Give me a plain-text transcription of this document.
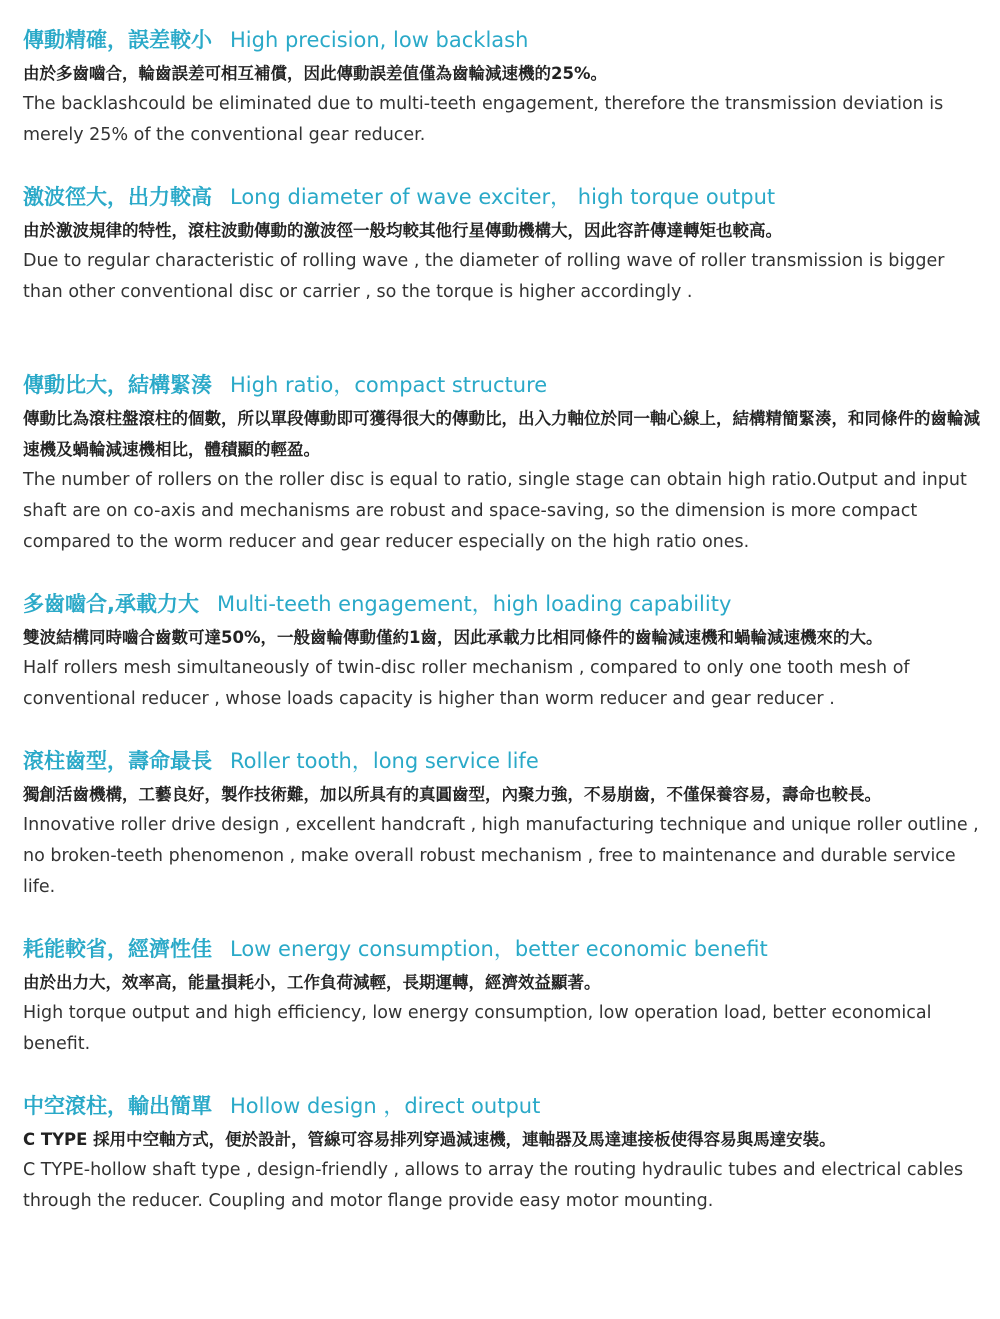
傳動精確，誤差較小 High precision, low backlash

由於多齒嚙合，輪齒誤差可相互補償，因此傳動誤差值僅為齒輪減速機的25%。

The backlashcould be eliminated due to multi-teeth engagement, therefore the transmission deviation is merely 25% of the conventional gear reducer.

激波徑大，出力較高 Long diameter of wave exciter， high torque output

由於激波規律的特性，滾柱波動傳動的激波徑一般均較其他行星傳動機構大，因此容許傳達轉矩也較高。

Due to regular characteristic of rolling wave , the diameter of rolling wave of roller transmission is bigger than other conventional disc or carrier , so the torque is higher accordingly .

傳動比大，結構緊湊 High ratio，compact structure

傳動比為滾柱盤滾柱的個數，所以單段傳動即可獲得很大的傳動比，出入力軸位於同一軸心線上，結構精簡緊湊，和同條件的齒輪減速機及蝸輪減速機相比，體積顯的輕盈。

The number of rollers on the roller disc is equal to ratio, single stage can obtain high ratio.Output and input shaft are on co-axis and mechanisms are robust and space-saving, so the dimension is more compact compared to the worm reducer and gear reducer especially on the high ratio ones.

多齒嚙合,承載力大 Multi-teeth engagement，high loading capability

雙波結構同時嚙合齒數可達50%，一般齒輪傳動僅約1齒，因此承載力比相同條件的齒輪減速機和蝸輪減速機來的大。

Half rollers mesh simultaneously of twin-disc roller mechanism , compared to only one tooth mesh of conventional reducer , whose loads capacity is higher than worm reducer and gear reducer .

滾柱齒型，壽命最長 Roller tooth，long service life

獨創活齒機構，工藝良好，製作技術難，加以所具有的真圓齒型，內聚力強，不易崩齒，不僅保養容易，壽命也較長。

Innovative roller drive design , excellent handcraft , high manufacturing technique and unique roller outline , no broken-teeth phenomenon , make overall robust mechanism , free to maintenance and durable service life.

耗能較省，經濟性佳 Low energy consumption，better economic benefit

由於出力大，效率高，能量損耗小，工作負荷減輕，長期運轉，經濟效益顯著。

High torque output and high efficiency, low energy consumption, low operation load, better economical benefit.

中空滾柱，輸出簡單 Hollow design ，direct output

C TYPE 採用中空軸方式，便於設計，管線可容易排列穿過減速機，連軸器及馬達連接板使得容易與馬達安裝。

C TYPE-hollow shaft type , design-friendly , allows to array the routing hydraulic tubes and electrical cables through the reducer. Coupling and motor flange provide easy motor mounting.
